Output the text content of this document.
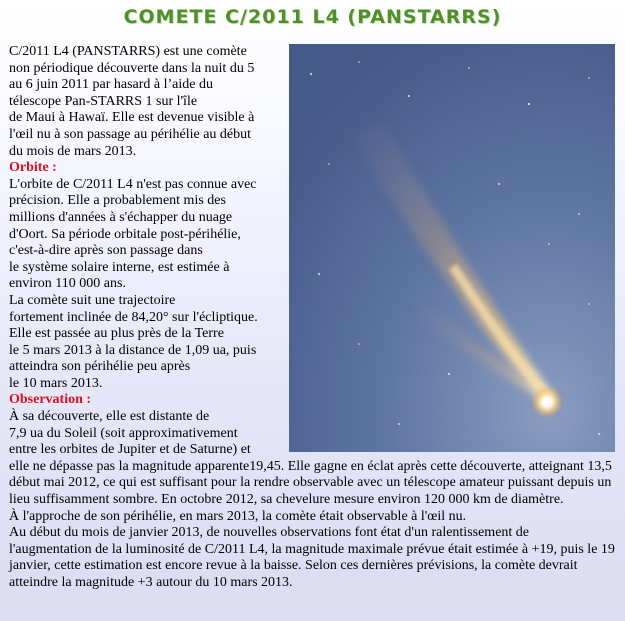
COMETE C/2011 L4 (PANSTARRS)
C/2011 L4 (PANSTARRS) est une comète
non périodique découverte dans la nuit du 5
au 6 juin 2011 par hasard à l’aide du
télescope Pan-STARRS 1 sur l'île
de Maui à Hawaï. Elle est devenue visible à
l'œil nu à son passage au périhélie au début
du mois de mars 2013.
Orbite :
L'orbite de C/2011 L4 n'est pas connue avec
précision. Elle a probablement mis des
millions d'années à s'échapper du nuage
d'Oort. Sa période orbitale post-périhélie,
c'est-à-dire après son passage dans
le système solaire interne, est estimée à
environ 110 000 ans.
La comète suit une trajectoire
fortement inclinée de 84,20° sur l'écliptique.
Elle est passée au plus près de la Terre
le 5 mars 2013 à la distance de 1,09 ua, puis
atteindra son périhélie peu après
le 10 mars 2013.
Observation :
À sa découverte, elle est distante de
7,9 ua du Soleil (soit approximativement
entre les orbites de Jupiter et de Saturne) et
elle ne dépasse pas la magnitude apparente19,45. Elle gagne en éclat après cette découverte, atteignant 13,5 début mai 2012, ce qui est suffisant pour la rendre observable avec un télescope amateur puissant depuis un lieu suffisamment sombre. En octobre 2012, sa chevelure mesure environ 120 000 km de diamètre.
À l'approche de son périhélie, en mars 2013, la comète était observable à l'œil nu.
Au début du mois de janvier 2013, de nouvelles observations font état d'un ralentissement de l'augmentation de la luminosité de C/2011 L4, la magnitude maximale prévue était estimée à +19, puis le 19 janvier, cette estimation est encore revue à la baisse. Selon ces dernières prévisions, la comète devrait atteindre la magnitude +3 autour du 10 mars 2013.
